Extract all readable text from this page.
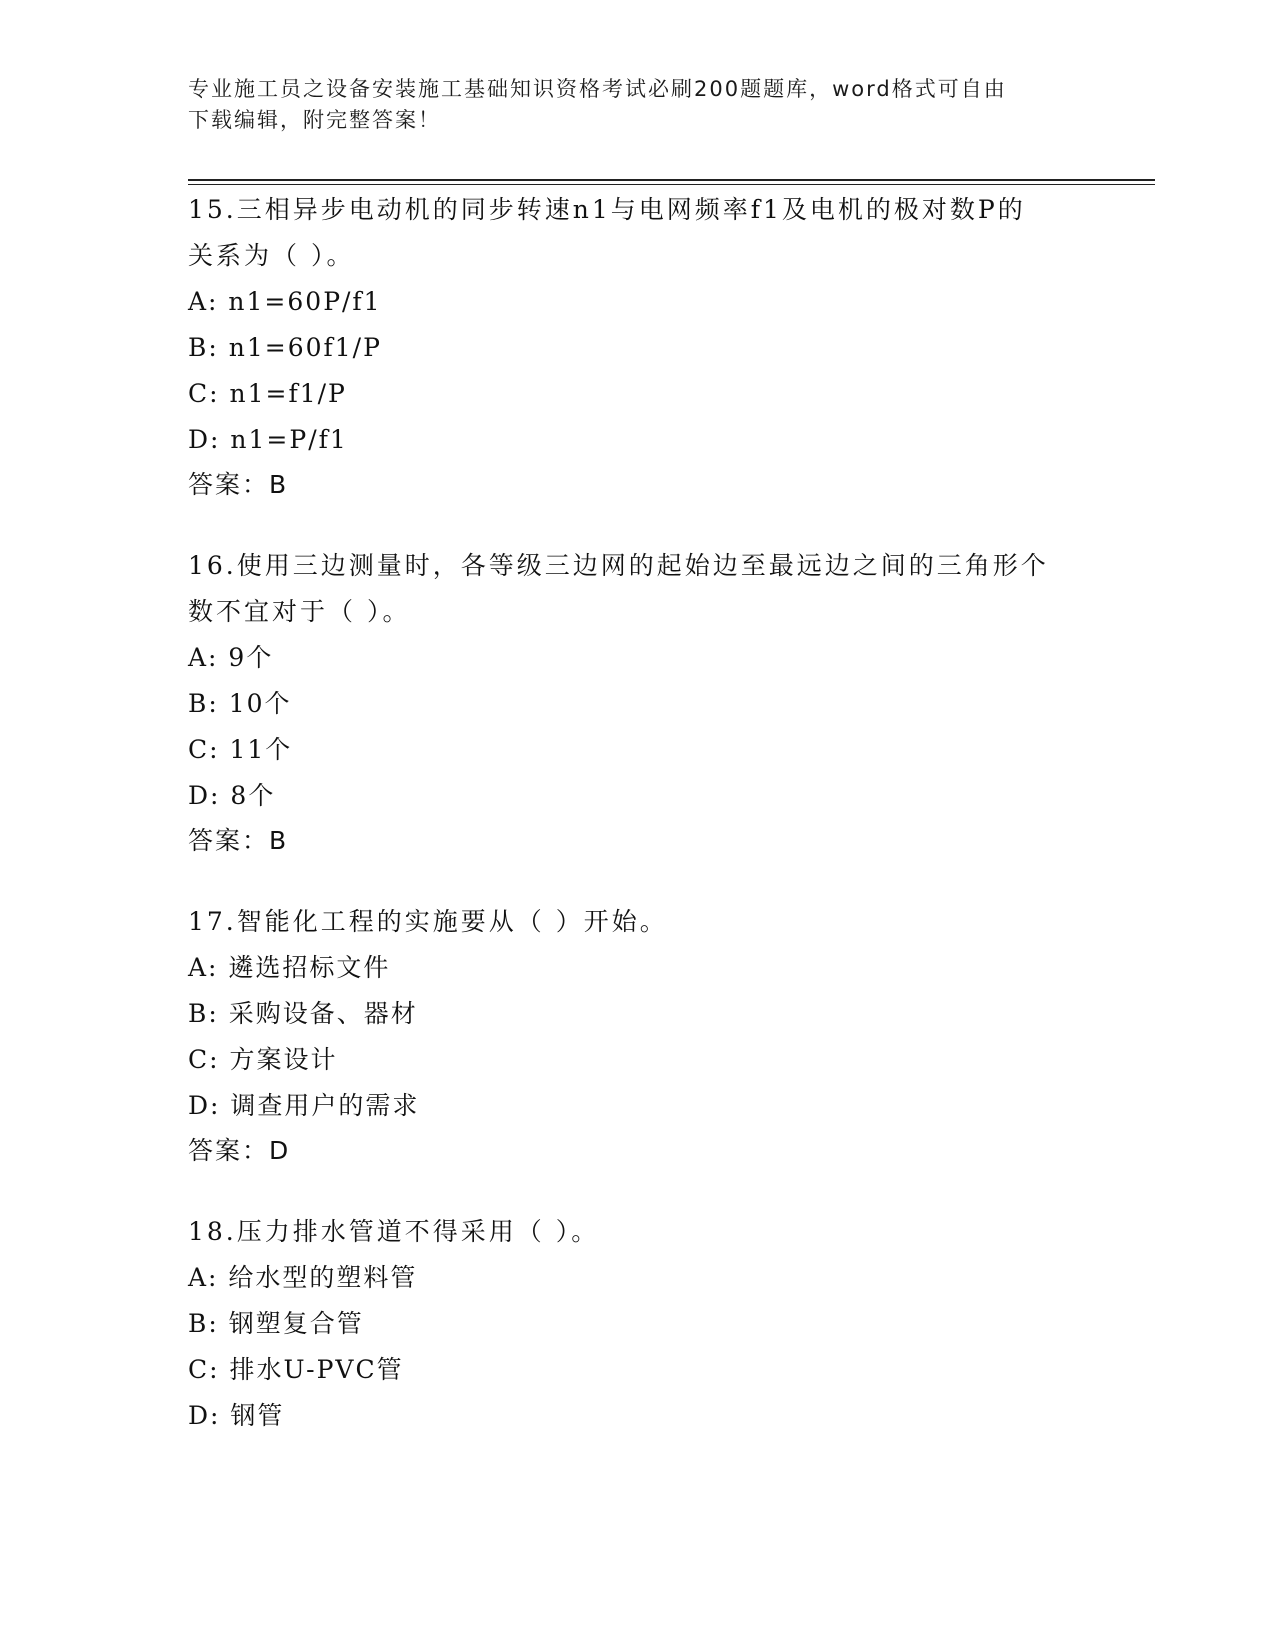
专业施工员之设备安装施工基础知识资格考试必刷200题题库，word格式可自由
下载编辑，附完整答案！
15.三相异步电动机的同步转速n1与电网频率f1及电机的极对数P的
关系为（ ）。
A: n1=60P/f1
B: n1=60f1/P
C: n1=f1/P
D: n1=P/f1
答案：B
16.使用三边测量时，各等级三边网的起始边至最远边之间的三角形个
数不宜对于（ ）。
A: 9个
B: 10个
C: 11个
D: 8个
答案：B
17.智能化工程的实施要从（ ）开始。
A: 遴选招标文件
B: 采购设备、器材
C: 方案设计
D: 调查用户的需求
答案：D
18.压力排水管道不得采用（ ）。
A: 给水型的塑料管
B: 钢塑复合管
C: 排水U-PVC管
D: 钢管
